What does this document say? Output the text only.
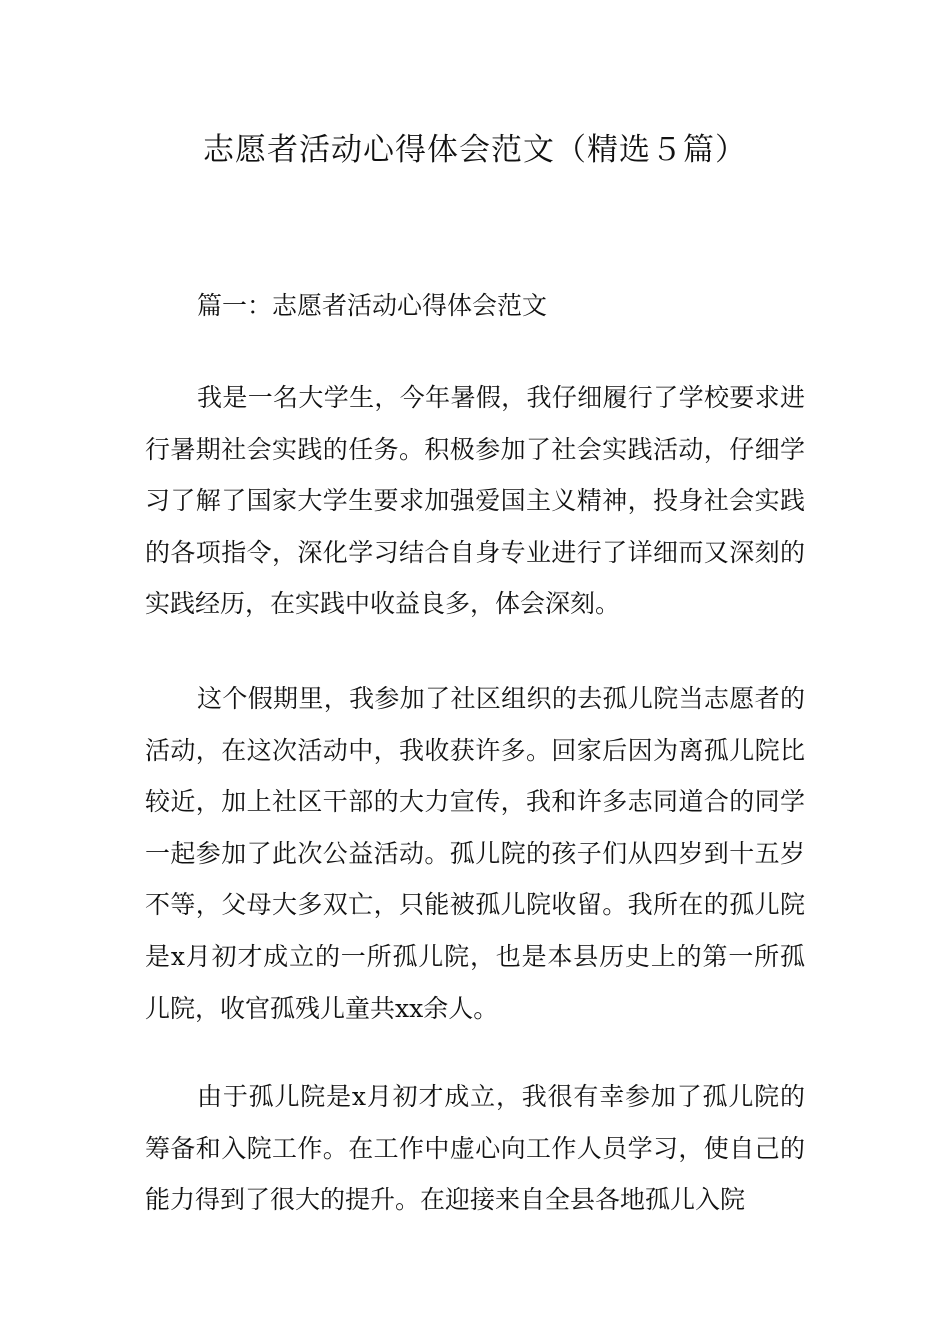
志愿者活动心得体会范文（精选５篇）
篇一：志愿者活动心得体会范文

我是一名大学生，今年暑假，我仔细履行了学校要求进行暑期社会实践的任务。积极参加了社会实践活动，仔细学习了解了国家大学生要求加强爱国主义精神，投身社会实践的各项指令，深化学习结合自身专业进行了详细而又深刻的实践经历，在实践中收益良多，体会深刻。

这个假期里，我参加了社区组织的去孤儿院当志愿者的活动，在这次活动中，我收获许多。回家后因为离孤儿院比较近，加上社区干部的大力宣传，我和许多志同道合的同学一起参加了此次公益活动。孤儿院的孩子们从四岁到十五岁不等，父母大多双亡，只能被孤儿院收留。我所在的孤儿院是x月初才成立的一所孤儿院，也是本县历史上的第一所孤儿院，收官孤残儿童共xx余人。

由于孤儿院是x月初才成立，我很有幸参加了孤儿院的筹备和入院工作。在工作中虚心向工作人员学习，使自己的能力得到了很大的提升。在迎接来自全县各地孤儿入院
